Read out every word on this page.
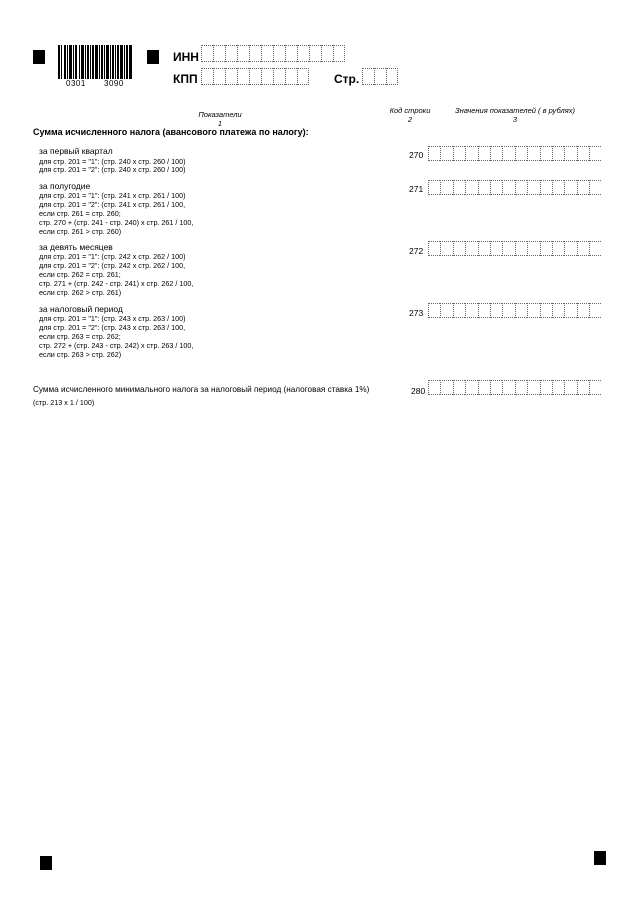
0301 3090
ИНН
КПП	Стр.
Показатели
1
Код строки
2
Значения показателей ( в рублях)
3
Сумма исчисленного налога (авансового платежа по налогу):
за первый квартал
для стр. 201 = "1": (стр. 240 х стр. 260 / 100)
для стр. 201 = "2": (стр. 240 х стр. 260 / 100)
270
за полугодие
для стр. 201 = "1": (стр. 241 х стр. 261 / 100)
для стр. 201 = "2": (стр. 241 х стр. 261 / 100,
если стр. 261 = стр. 260;
стр. 270 + (стр. 241 - стр. 240) х стр. 261 / 100,
если стр. 261 > стр. 260)
271
за девять месяцев
для стр. 201 = "1": (стр. 242 х стр. 262 / 100)
для стр. 201 = "2": (стр. 242 х стр. 262 / 100,
если стр. 262 = стр. 261;
стр. 271 + (стр. 242 - стр. 241) х стр. 262 / 100,
если стр. 262 > стр. 261)
272
за налоговый период
для стр. 201 = "1": (стр. 243 х стр. 263 / 100)
для стр. 201 = "2": (стр. 243 х стр. 263 / 100,
если стр. 263 = стр. 262;
стр. 272 + (стр. 243 - стр. 242) х стр. 263 / 100,
если стр. 263 > стр. 262)
273
Сумма исчисленного минимального налога за налоговый период (налоговая ставка 1%)
(стр. 213 х 1 / 100)
280
